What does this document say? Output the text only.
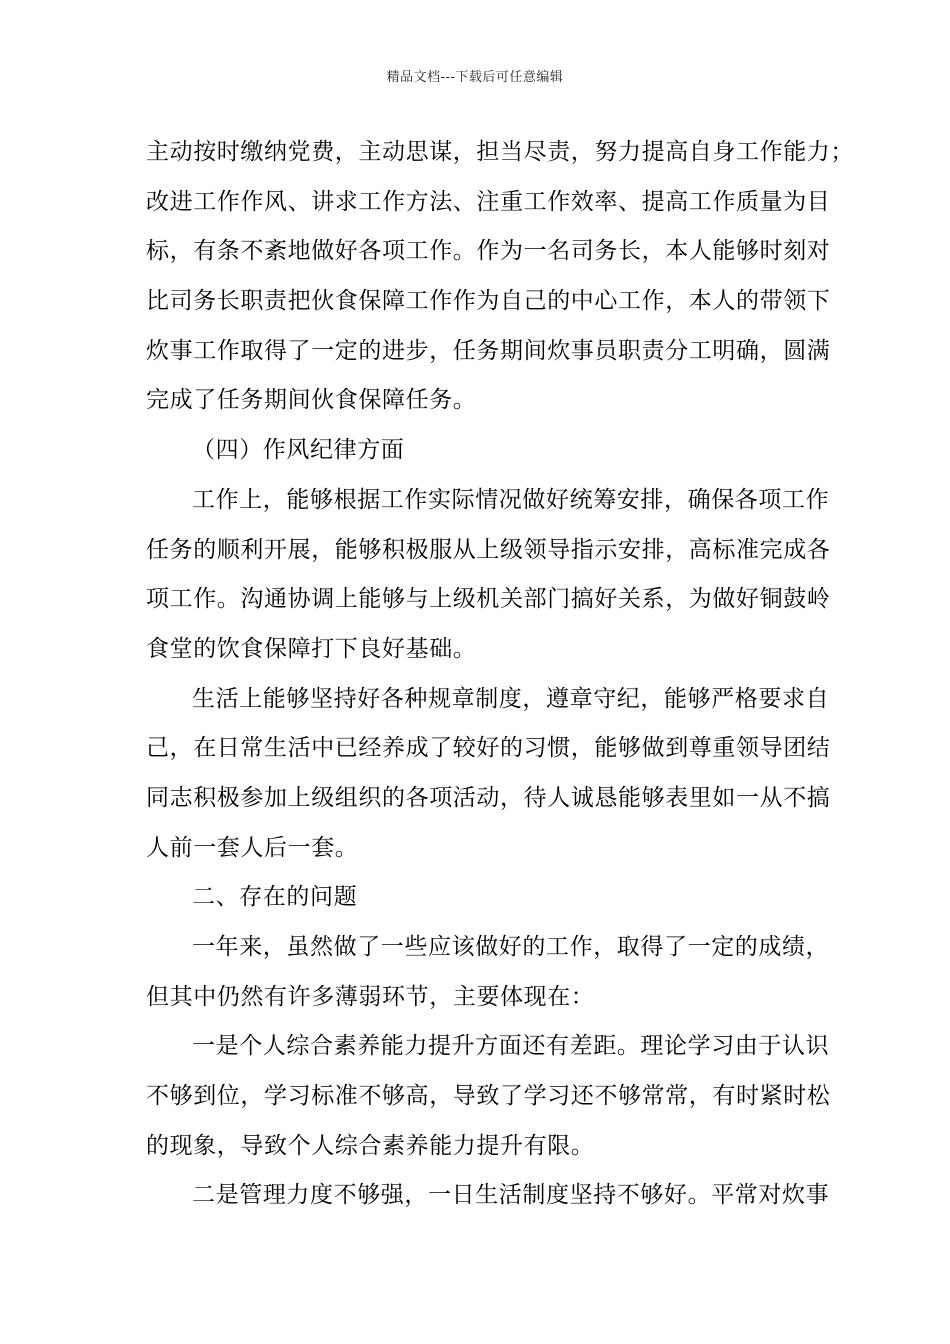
精品文档---下载后可任意编辑
主动按时缴纳党费，主动思谋，担当尽责，努力提高自身工作能力；
改进工作作风、讲求工作方法、注重工作效率、提高工作质量为目
标，有条不紊地做好各项工作。作为一名司务长，本人能够时刻对
比司务长职责把伙食保障工作作为自己的中心工作，本人的带领下
炊事工作取得了一定的进步，任务期间炊事员职责分工明确，圆满
完成了任务期间伙食保障任务。
（四）作风纪律方面
工作上，能够根据工作实际情况做好统筹安排，确保各项工作
任务的顺利开展，能够积极服从上级领导指示安排，高标准完成各
项工作。沟通协调上能够与上级机关部门搞好关系，为做好铜鼓岭
食堂的饮食保障打下良好基础。
生活上能够坚持好各种规章制度，遵章守纪，能够严格要求自
己，在日常生活中已经养成了较好的习惯，能够做到尊重领导团结
同志积极参加上级组织的各项活动，待人诚恳能够表里如一从不搞
人前一套人后一套。
二、存在的问题
一年来，虽然做了一些应该做好的工作，取得了一定的成绩，
但其中仍然有许多薄弱环节，主要体现在：
一是个人综合素养能力提升方面还有差距。理论学习由于认识
不够到位，学习标准不够高，导致了学习还不够常常，有时紧时松
的现象，导致个人综合素养能力提升有限。
二是管理力度不够强，一日生活制度坚持不够好。平常对炊事
